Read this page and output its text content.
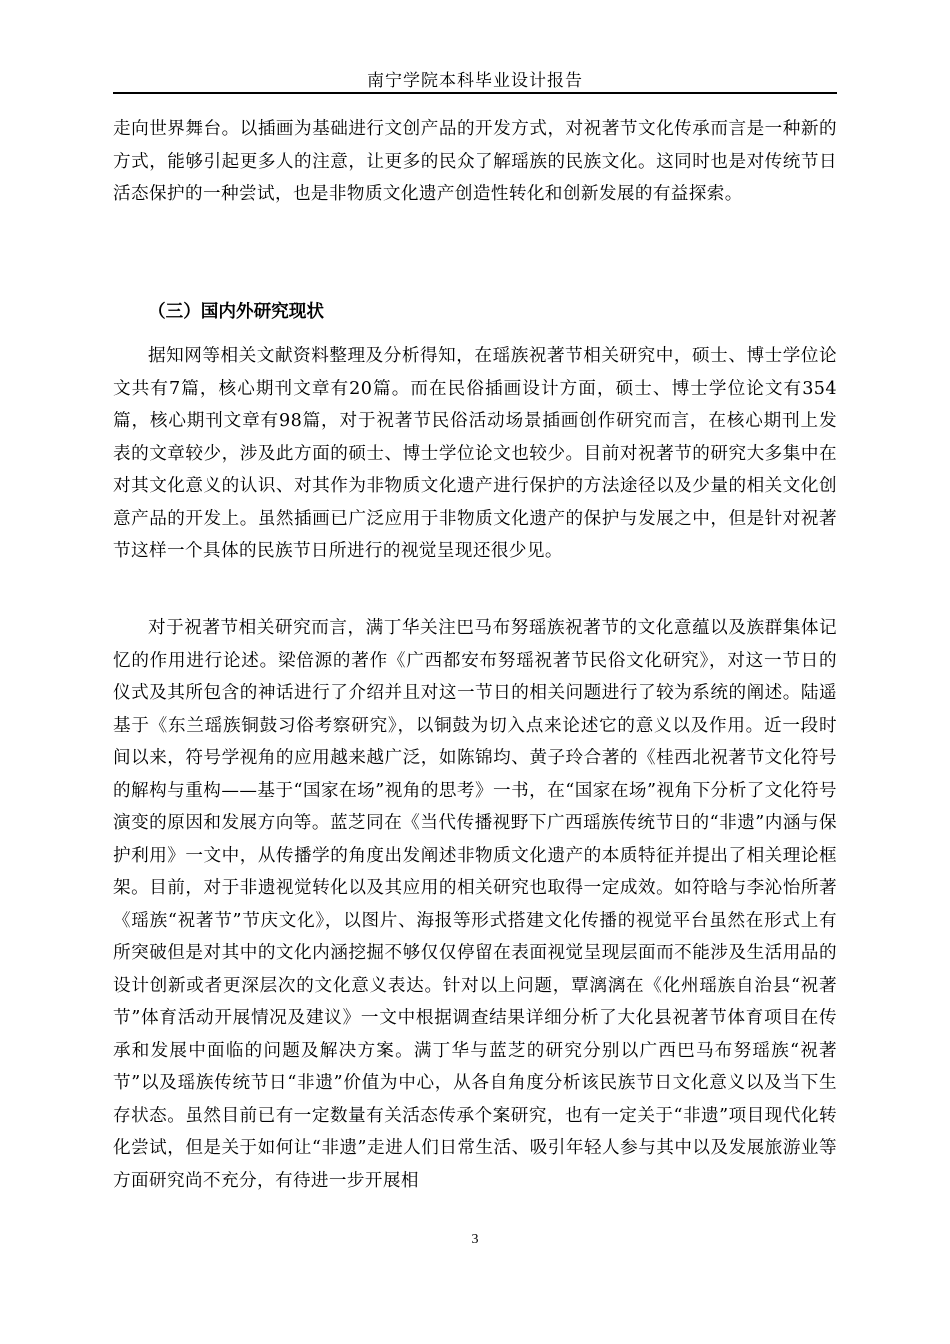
南宁学院本科毕业设计报告

走向世界舞台。以插画为基础进行文创产品的开发方式，对祝著节文化传承而言是一种新的方式，能够引起更多人的注意，让更多的民众了解瑶族的民族文化。这同时也是对传统节日活态保护的一种尝试，也是非物质文化遗产创造性转化和创新发展的有益探索。

（三）国内外研究现状

据知网等相关文献资料整理及分析得知，在瑶族祝著节相关研究中，硕士、博士学位论文共有7篇，核心期刊文章有20篇。而在民俗插画设计方面，硕士、博士学位论文有354篇，核心期刊文章有98篇，对于祝著节民俗活动场景插画创作研究而言，在核心期刊上发表的文章较少，涉及此方面的硕士、博士学位论文也较少。目前对祝著节的研究大多集中在对其文化意义的认识、对其作为非物质文化遗产进行保护的方法途径以及少量的相关文化创意产品的开发上。虽然插画已广泛应用于非物质文化遗产的保护与发展之中，但是针对祝著节这样一个具体的民族节日所进行的视觉呈现还很少见。

对于祝著节相关研究而言，满丁华关注巴马布努瑶族祝著节的文化意蕴以及族群集体记忆的作用进行论述。梁倍源的著作《广西都安布努瑶祝著节民俗文化研究》，对这一节日的仪式及其所包含的神话进行了介绍并且对这一节日的相关问题进行了较为系统的阐述。陆遥基于《东兰瑶族铜鼓习俗考察研究》，以铜鼓为切入点来论述它的意义以及作用。近一段时间以来，符号学视角的应用越来越广泛，如陈锦均、黄子玲合著的《桂西北祝著节文化符号的解构与重构——基于“国家在场”视角的思考》一书，在“国家在场”视角下分析了文化符号演变的原因和发展方向等。蓝芝同在《当代传播视野下广西瑶族传统节日的“非遗”内涵与保护利用》一文中，从传播学的角度出发阐述非物质文化遗产的本质特征并提出了相关理论框架。目前，对于非遗视觉转化以及其应用的相关研究也取得一定成效。如符晗与李沁怡所著《瑶族“祝著节”节庆文化》，以图片、海报等形式搭建文化传播的视觉平台虽然在形式上有所突破但是对其中的文化内涵挖掘不够仅仅停留在表面视觉呈现层面而不能涉及生活用品的设计创新或者更深层次的文化意义表达。针对以上问题，覃漓漓在《化州瑶族自治县“祝著节”体育活动开展情况及建议》一文中根据调查结果详细分析了大化县祝著节体育项目在传承和发展中面临的问题及解决方案。满丁华与蓝芝的研究分别以广西巴马布努瑶族“祝著节”以及瑶族传统节日“非遗”价值为中心，从各自角度分析该民族节日文化意义以及当下生存状态。虽然目前已有一定数量有关活态传承个案研究，也有一定关于“非遗”项目现代化转化尝试，但是关于如何让“非遗”走进人们日常生活、吸引年轻人参与其中以及发展旅游业等方面研究尚不充分，有待进一步开展相

3
